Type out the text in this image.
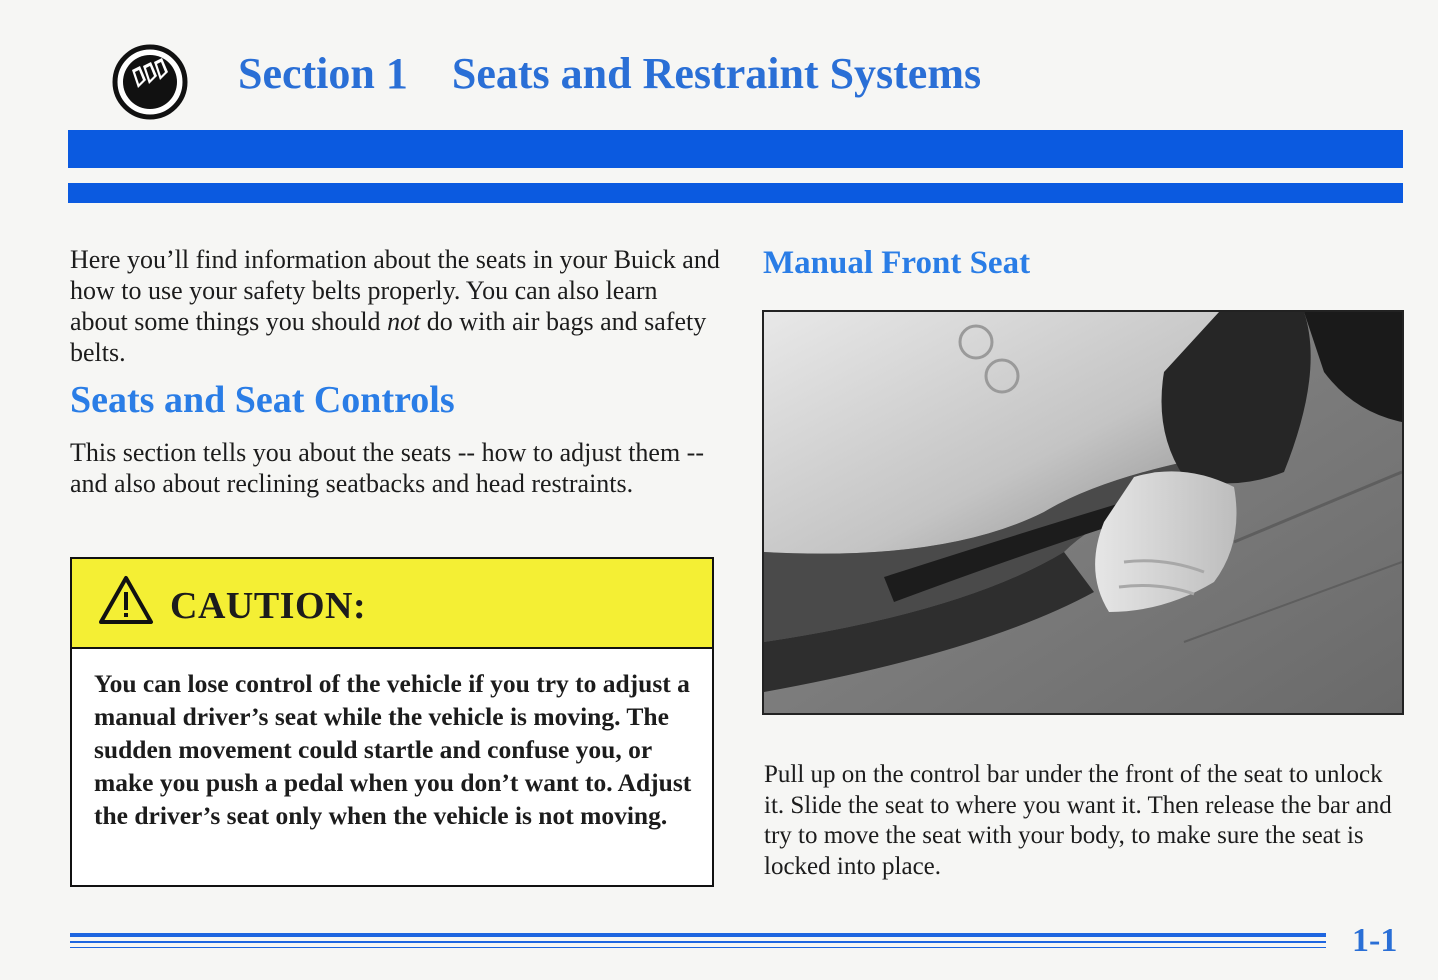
Section 1 Seats and Restraint Systems

Here you’ll find information about the seats in your Buick and how to use your safety belts properly. You can also learn about some things you should not do with air bags and safety belts.

Seats and Seat Controls

This section tells you about the seats -- how to adjust them -- and also about reclining seatbacks and head restraints.

CAUTION:

You can lose control of the vehicle if you try to adjust a manual driver’s seat while the vehicle is moving. The sudden movement could startle and confuse you, or make you push a pedal when you don’t want to. Adjust the driver’s seat only when the vehicle is not moving.

Manual Front Seat

Pull up on the control bar under the front of the seat to unlock it. Slide the seat to where you want it. Then release the bar and try to move the seat with your body, to make sure the seat is locked into place.

1-1
